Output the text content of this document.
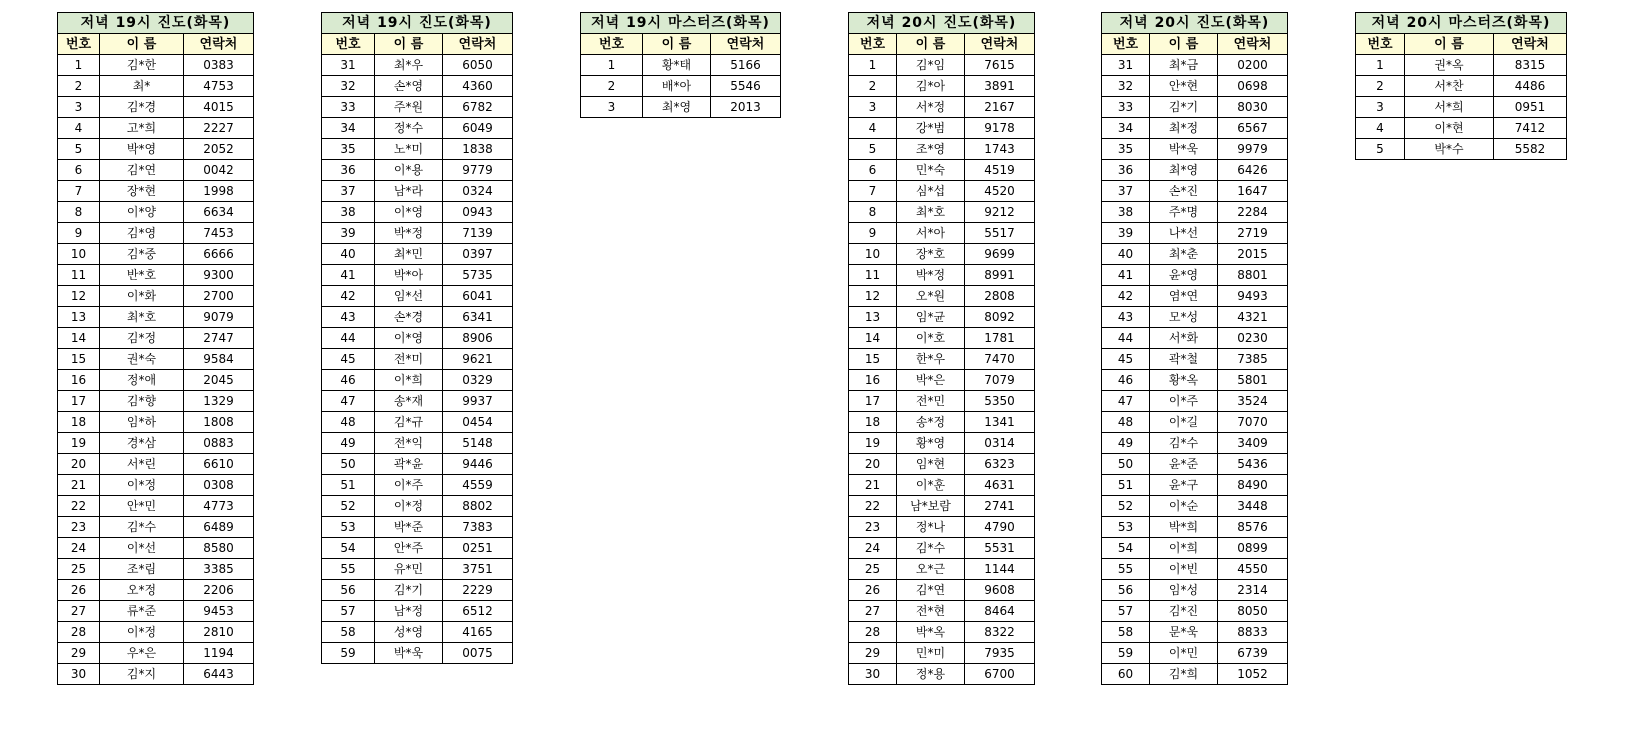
저녁 19시 진도(화목)		
번호	이 름	연락처
1	김*한	0383
2	최*	4753
3	김*경	4015
4	고*희	2227
5	박*영	2052
6	김*연	0042
7	장*현	1998
8	이*양	6634
9	김*영	7453
10	김*중	6666
11	반*호	9300
12	이*화	2700
13	최*호	9079
14	김*정	2747
15	권*숙	9584
16	정*애	2045
17	김*향	1329
18	임*하	1808
19	경*삼	0883
20	서*린	6610
21	이*정	0308
22	안*민	4773
23	김*수	6489
24	이*선	8580
25	조*림	3385
26	오*정	2206
27	류*준	9453
28	이*정	2810
29	우*은	1194
30	김*지	6443
저녁 19시 진도(화목)		
번호	이 름	연락처
31	최*우	6050
32	손*영	4360
33	주*원	6782
34	정*수	6049
35	노*미	1838
36	이*용	9779
37	남*라	0324
38	이*영	0943
39	박*정	7139
40	최*민	0397
41	박*아	5735
42	임*선	6041
43	손*경	6341
44	이*영	8906
45	전*미	9621
46	이*희	0329
47	송*재	9937
48	김*규	0454
49	전*익	5148
50	곽*윤	9446
51	이*주	4559
52	이*정	8802
53	박*준	7383
54	안*주	0251
55	유*민	3751
56	김*기	2229
57	남*정	6512
58	성*영	4165
59	박*욱	0075
저녁 19시 마스터즈(화목)		
번호	이 름	연락처
1	황*태	5166
2	배*아	5546
3	최*영	2013
저녁 20시 진도(화목)		
번호	이 름	연락처
1	김*임	7615
2	김*아	3891
3	서*정	2167
4	강*범	9178
5	조*영	1743
6	민*숙	4519
7	심*섭	4520
8	최*호	9212
9	서*아	5517
10	장*호	9699
11	박*정	8991
12	오*원	2808
13	임*균	8092
14	이*호	1781
15	한*우	7470
16	박*은	7079
17	전*민	5350
18	송*정	1341
19	황*영	0314
20	임*현	6323
21	이*훈	4631
22	남*보람	2741
23	정*나	4790
24	김*수	5531
25	오*근	1144
26	김*연	9608
27	전*현	8464
28	박*옥	8322
29	민*미	7935
30	정*용	6700
저녁 20시 진도(화목)		
번호	이 름	연락처
31	최*금	0200
32	안*현	0698
33	김*기	8030
34	최*정	6567
35	박*욱	9979
36	최*영	6426
37	손*진	1647
38	주*명	2284
39	나*선	2719
40	최*춘	2015
41	윤*영	8801
42	염*연	9493
43	모*성	4321
44	서*화	0230
45	곽*철	7385
46	황*옥	5801
47	이*주	3524
48	이*길	7070
49	김*수	3409
50	윤*준	5436
51	윤*구	8490
52	이*순	3448
53	박*희	8576
54	이*희	0899
55	이*빈	4550
56	임*성	2314
57	김*진	8050
58	문*욱	8833
59	이*민	6739
60	김*희	1052
저녁 20시 마스터즈(화목)		
번호	이 름	연락처
1	권*옥	8315
2	서*찬	4486
3	서*희	0951
4	이*현	7412
5	박*수	5582
